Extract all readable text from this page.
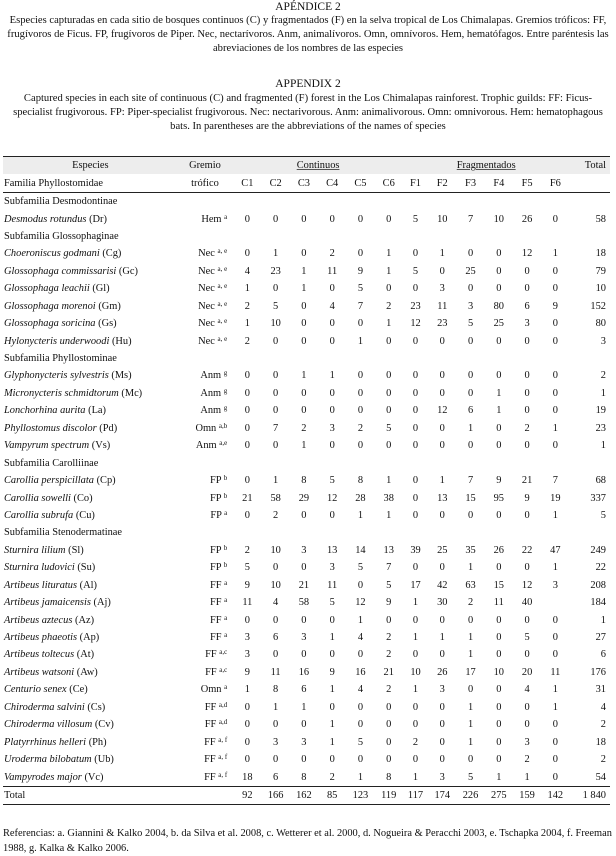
APÉNDICE 2
Especies capturadas en cada sitio de bosques continuos (C) y fragmentados (F) en la selva tropical de Los Chimalapas. Gremios tróficos: FF, frugívoros de Ficus. FP, frugívoros de Piper. Nec, nectarívoros. Anm, animalívoros. Omn, omnívoros. Hem, hematófagos. Entre paréntesis las abreviaciones de los nombres de las especies
APPENDIX 2
Captured species in each site of continuous (C) and fragmented (F) forest in the Los Chimalapas rainforest. Trophic guilds: FF: Ficus-specialist frugivorous. FP: Piper-specialist frugivorous. Nec: nectarivorous. Anm: animalivorous. Omn: omnivorous. Hem: hematophagous bats. In parentheses are the abbreviations of the names of species
Especies	Gremio	Continuos						Fragmentados						Total
Familia Phyllostomidae	trófico	C1	C2	C3	C4	C5	C6	F1	F2	F3	F4	F5	F6	
Subfamilia Desmodontinae														
Desmodus rotundus (Dr)	Hem $^a$	0	0	0	0	0	0	5	10	7	10	26	0	58
Subfamilia Glossophaginae														
Choeroniscus godmani (Cg)	Nec $^{a, e}$	0	1	0	2	0	1	0	1	0	0	12	1	18
Glossophaga commissarisi (Gc)	Nec $^{a, e}$	4	23	1	11	9	1	5	0	25	0	0	0	79
Glossophaga leachii (Gl)	Nec $^{a, e}$	1	0	1	0	5	0	0	3	0	0	0	0	10
Glossophaga morenoi (Gm)	Nec $^{a, e}$	2	5	0	4	7	2	23	11	3	80	6	9	152
Glossophaga soricina (Gs)	Nec $^{a, e}$	1	10	0	0	0	1	12	23	5	25	3	0	80
Hylonycteris underwoodi (Hu)	Nec $^{a, e}$	2	0	0	0	1	0	0	0	0	0	0	0	3
Subfamilia Phyllostominae														
Glyphonycteris sylvestris (Ms)	Anm $^g$	0	0	1	1	0	0	0	0	0	0	0	0	2
Micronycteris schmidtorum (Mc)	Anm $^g$	0	0	0	0	0	0	0	0	0	1	0	0	1
Lonchorhina aurita (La)	Anm $^g$	0	0	0	0	0	0	0	12	6	1	0	0	19
Phyllostomus discolor (Pd)	Omn $^{a,b}$	0	7	2	3	2	5	0	0	1	0	2	1	23
Vampyrum spectrum (Vs)	Anm $^{a,e}$	0	0	1	0	0	0	0	0	0	0	0	0	1
Subfamilia Carolliinae														
Carollia perspicillata (Cp)	FP $^b$	0	1	8	5	8	1	0	1	7	9	21	7	68
Carollia sowelli (Co)	FP $^b$	21	58	29	12	28	38	0	13	15	95	9	19	337
Carollia subrufa (Cu)	FP $^a$	0	2	0	0	1	1	0	0	0	0	0	1	5
Subfamilia Stenodermatinae														
Sturnira lilium (Sl)	FP $^b$	2	10	3	13	14	13	39	25	35	26	22	47	249
Sturnira ludovici (Su)	FP $^b$	5	0	0	3	5	7	0	0	1	0	0	1	22
Artibeus lituratus (Al)	FF $^a$	9	10	21	11	0	5	17	42	63	15	12	3	208
Artibeus jamaicensis (Aj)	FF $^a$	11	4	58	5	12	9	1	30	2	11	40		184
Artibeus aztecus (Az)	FF $^a$	0	0	0	0	1	0	0	0	0	0	0	0	1
Artibeus phaeotis (Ap)	FF $^a$	3	6	3	1	4	2	1	1	1	0	5	0	27
Artibeus toltecus (At)	FF $^{a,c}$	3	0	0	0	0	2	0	0	1	0	0	0	6
Artibeus watsoni (Aw)	FF $^{a,c}$	9	11	16	9	16	21	10	26	17	10	20	11	176
Centurio senex (Ce)	Omn $^a$	1	8	6	1	4	2	1	3	0	0	4	1	31
Chiroderma salvini (Cs)	FF $^{a,d}$	0	1	1	0	0	0	0	0	1	0	0	1	4
Chiroderma villosum (Cv)	FF $^{a,d}$	0	0	0	1	0	0	0	0	1	0	0	0	2
Platyrrhinus helleri (Ph)	FF $^{a, f}$	0	3	3	1	5	0	2	0	1	0	3	0	18
Uroderma bilobatum (Ub)	FF $^{a, f}$	0	0	0	0	0	0	0	0	0	0	2	0	2
Vampyrodes major (Vc)	FF $^{a, f}$	18	6	8	2	1	8	1	3	5	1	1	0	54
Total		92	166	162	85	123	119	117	174	226	275	159	142	1 840
Referencias: a. Giannini & Kalko 2004, b. da Silva et al. 2008, c. Wetterer et al. 2000, d. Nogueira & Peracchi 2003, e. Tschapka 2004, f. Freeman 1988, g. Kalka & Kalko 2006.
